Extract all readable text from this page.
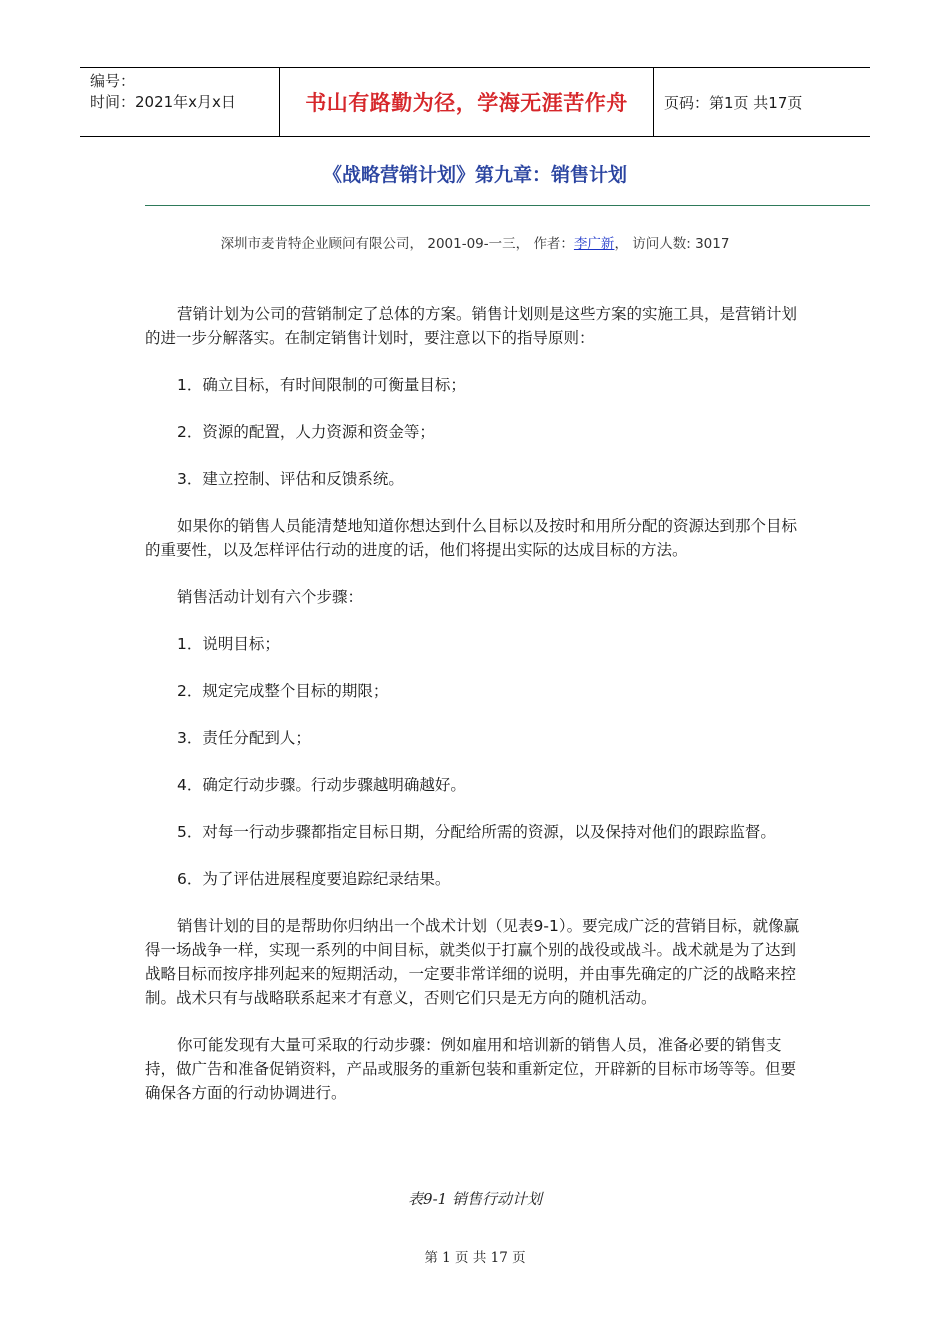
编号：
时间：2021年x月x日	书山有路勤为径，学海无涯苦作舟	页码：第1页 共17页
《战略营销计划》第九章：销售计划
深圳市麦肯特企业顾问有限公司， 2001-09-一三， 作者：李广新， 访问人数: 3017

营销计划为公司的营销制定了总体的方案。销售计划则是这些方案的实施工具，是营销计划的进一步分解落实。在制定销售计划时，要注意以下的指导原则：

1．确立目标，有时间限制的可衡量目标；

2．资源的配置，人力资源和资金等；

3．建立控制、评估和反馈系统。

如果你的销售人员能清楚地知道你想达到什么目标以及按时和用所分配的资源达到那个目标的重要性，以及怎样评估行动的进度的话，他们将提出实际的达成目标的方法。

销售活动计划有六个步骤：

1．说明目标；

2．规定完成整个目标的期限；

3．责任分配到人；

4．确定行动步骤。行动步骤越明确越好。

5．对每一行动步骤都指定目标日期，分配给所需的资源，以及保持对他们的跟踪监督。

6．为了评估进展程度要追踪纪录结果。

销售计划的目的是帮助你归纳出一个战术计划（见表9-1）。要完成广泛的营销目标，就像赢得一场战争一样，实现一系列的中间目标，就类似于打赢个别的战役或战斗。战术就是为了达到战略目标而按序排列起来的短期活动，一定要非常详细的说明，并由事先确定的广泛的战略来控制。战术只有与战略联系起来才有意义，否则它们只是无方向的随机活动。

你可能发现有大量可采取的行动步骤：例如雇用和培训新的销售人员，准备必要的销售支持，做广告和准备促销资料，产品或服务的重新包装和重新定位，开辟新的目标市场等等。但要确保各方面的行动协调进行。

表9-1 销售行动计划
第 1 页 共 17 页
